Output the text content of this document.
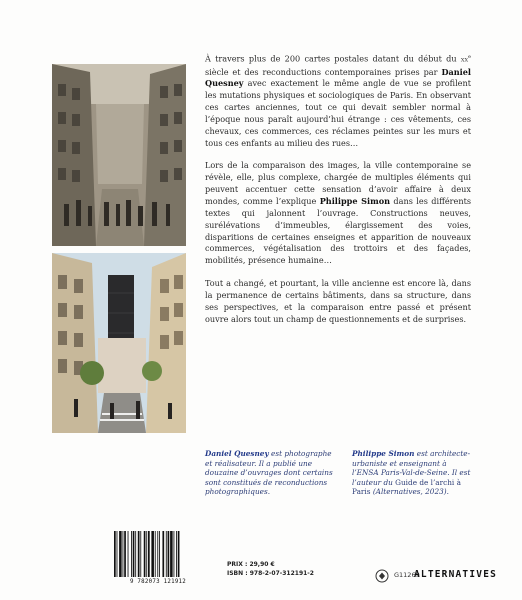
À travers plus de 200 cartes postales datant du début du $xx^e$ siècle et des reconductions contemporaines prises par Daniel Quesney avec exactement le même angle de vue se profilent les mutations physiques et sociologiques de Paris. En observant ces cartes anciennes, tout ce qui devait sembler normal à l’époque nous paraît aujourd’hui étrange : ces vêtements, ces chevaux, ces commerces, ces réclames peintes sur les murs et tous ces enfants au milieu des rues…

Lors de la comparaison des images, la ville contemporaine se révèle, elle, plus complexe, chargée de multiples éléments qui peuvent accentuer cette sensation d’avoir affaire à deux mondes, comme l’explique Philippe Simon dans les différents textes qui jalonnent l’ouvrage. Constructions neuves, surélévations d’immeubles, élargissement des voies, disparitions de certaines enseignes et apparition de nouveaux commerces, végétalisation des trottoirs et des façades, mobilités, présence humaine…

Tout a changé, et pourtant, la ville ancienne est encore là, dans la permanence de certains bâtiments, dans sa structure, dans ses perspectives, et la comparaison entre passé et présent ouvre alors tout un champ de questionnements et de surprises.

Daniel Quesney est photographe et réalisateur. Il a publié une douzaine d’ouvrages dont certains sont constitués de reconductions photographiques.
Philippe Simon est architecte-urbaniste et enseignant à l’ENSA Paris-Val-de-Seine. Il est l’auteur du Guide de l’archi à Paris (Alternatives, 2023).
9 782073 121912
PRIX : 29,90 €
ISBN : 978-2-07-312191-2	G11269
ALTERNATIVES
